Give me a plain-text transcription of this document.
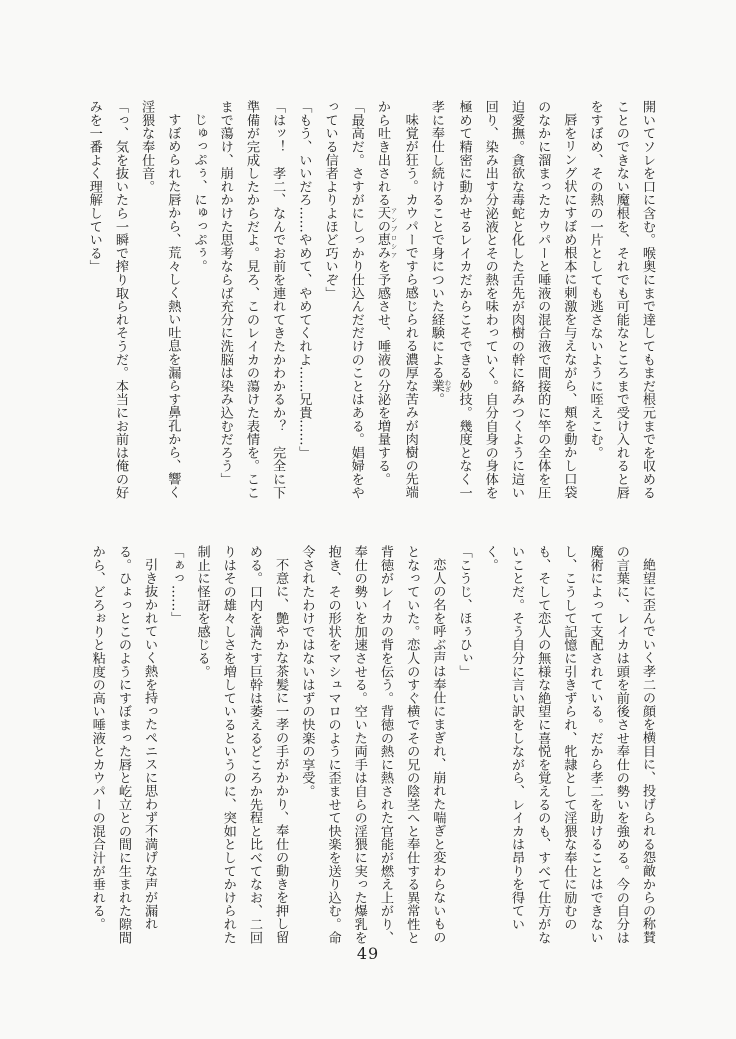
開いてソレを口に含む。喉奥にまで達してもまだ根元までを収める
ことのできない魔根を、それでも可能なところまで受け入れると唇
をすぼめ、その熱の一片としても逃さないように咥えこむ。
唇をリング状にすぼめ根本に刺激を与えながら、頬を動かし口袋
のなかに溜まったカウパーと唾液の混合液で間接的に竿の全体を圧
迫愛撫。貪欲な毒蛇と化した舌先が肉樹の幹に絡みつくように這い
回り、染み出す分泌液とその熱を味わっていく。自分自身の身体を
極めて精密に動かせるレイカだからこそできる妙技。幾度となく一
孝に奉仕し続けることで身についた経験による業 わざ。
味覚が狂う。カウパーですら感じられる濃厚な苦みが肉樹の先端
から吐き出される天の恵み アンブロシアを予感させ、唾液の分泌を増量する。
「最高だ。さすがにしっかり仕込んだだけのことはある。娼婦をや
っている信者よりよほど巧いぞ」
「もう、いいだろ……やめて、やめてくれよ……兄貴……」
「はッ！　孝二、なんでお前を連れてきたかわかるか？　完全に下
準備が完成したからだよ。見ろ、このレイカの蕩けた表情を。ここ
まで蕩け、崩れかけた思考ならば充分に洗脳は染み込むだろう」
じゅっぷぅ、にゅっぷぅ。
すぼめられた唇から、荒々しく熱い吐息を漏らす鼻孔から、響く
淫猥な奉仕音。
「っ、気を抜いたら一瞬で搾り取られそうだ。本当にお前は俺の好
みを一番よく理解している」
絶望に歪んでいく孝二の顔を横目に、投げられる怨敵からの称賛
の言葉に、レイカは頭を前後させ奉仕の勢いを強める。今の自分は
魔術によって支配されている。だから孝二を助けることはできない
し、こうして記憶に引きずられ、牝隷として淫猥な奉仕に励むの
も、そして恋人の無様な絶望に喜悦を覚えるのも、すべて仕方がな
いことだ。そう自分に言い訳をしながら、レイカは昂りを得てい
く。
「こうじ、ほぅひぃ」
恋人の名を呼ぶ声は奉仕にまぎれ、崩れた喘ぎと変わらないもの
となっていた。恋人のすぐ横でその兄の陰茎へと奉仕する異常性と
背徳がレイカの背を伝う。背徳の熱に熱された官能が燃え上がり、
奉仕の勢いを加速させる。空いた両手は自らの淫猥に実った爆乳を
抱き、その形状をマシュマロのように歪ませて快楽を送り込む。命
令されたわけではないはずの快楽の享受。
不意に、艶やかな茶髪に一孝の手がかかり、奉仕の動きを押し留
める。口内を満たす巨幹は萎えるどころか先程と比べてなお、二回
りはその雄々しさを増しているというのに、突如としてかけられた
制止に怪訝を感じる。
「ぁっ……」
引き抜かれていく熱を持ったペニスに思わず不満げな声が漏れ
る。ひょっとこのようにすぼまった唇と屹立との間に生まれた隙間
から、どろぉりと粘度の高い唾液とカウパーの混合汁が垂れる。
49
